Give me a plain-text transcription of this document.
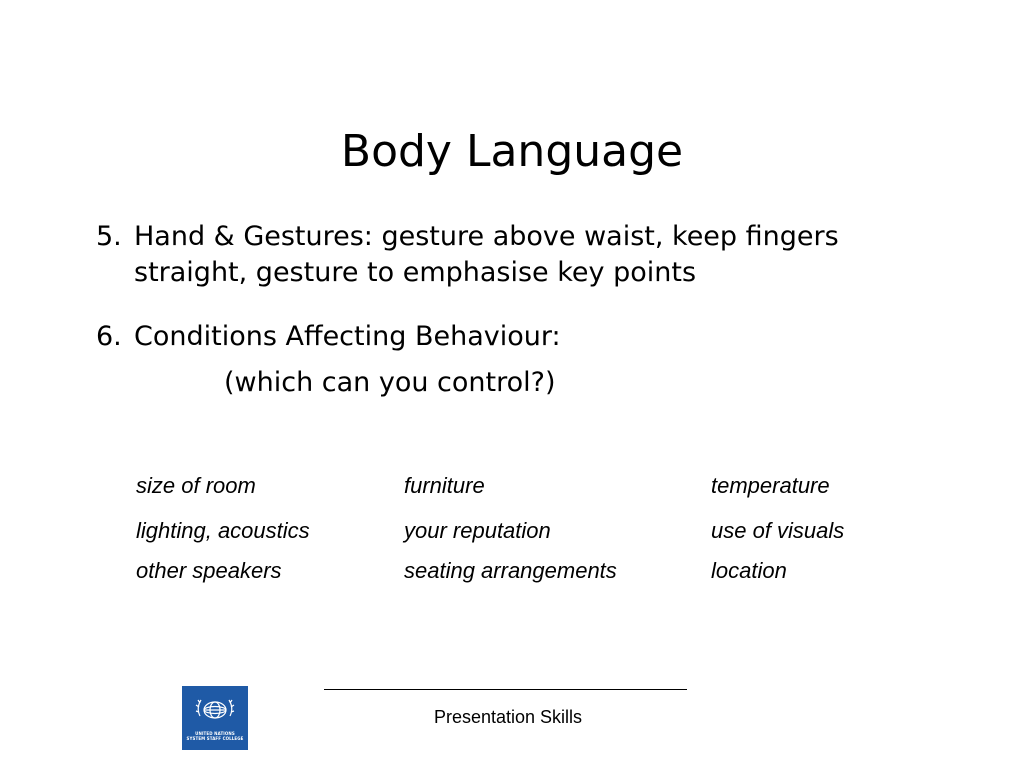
Body Language
5. Hand & Gestures: gesture above waist, keep fingers
straight, gesture to emphasise key points
6. Conditions Affecting Behaviour:
(which can you control?)
size of room	furniture	temperature
lighting, acoustics	your reputation	use of visuals
other speakers	seating arrangements	location
UNITED NATIONS
SYSTEM STAFF COLLEGE
Presentation Skills
